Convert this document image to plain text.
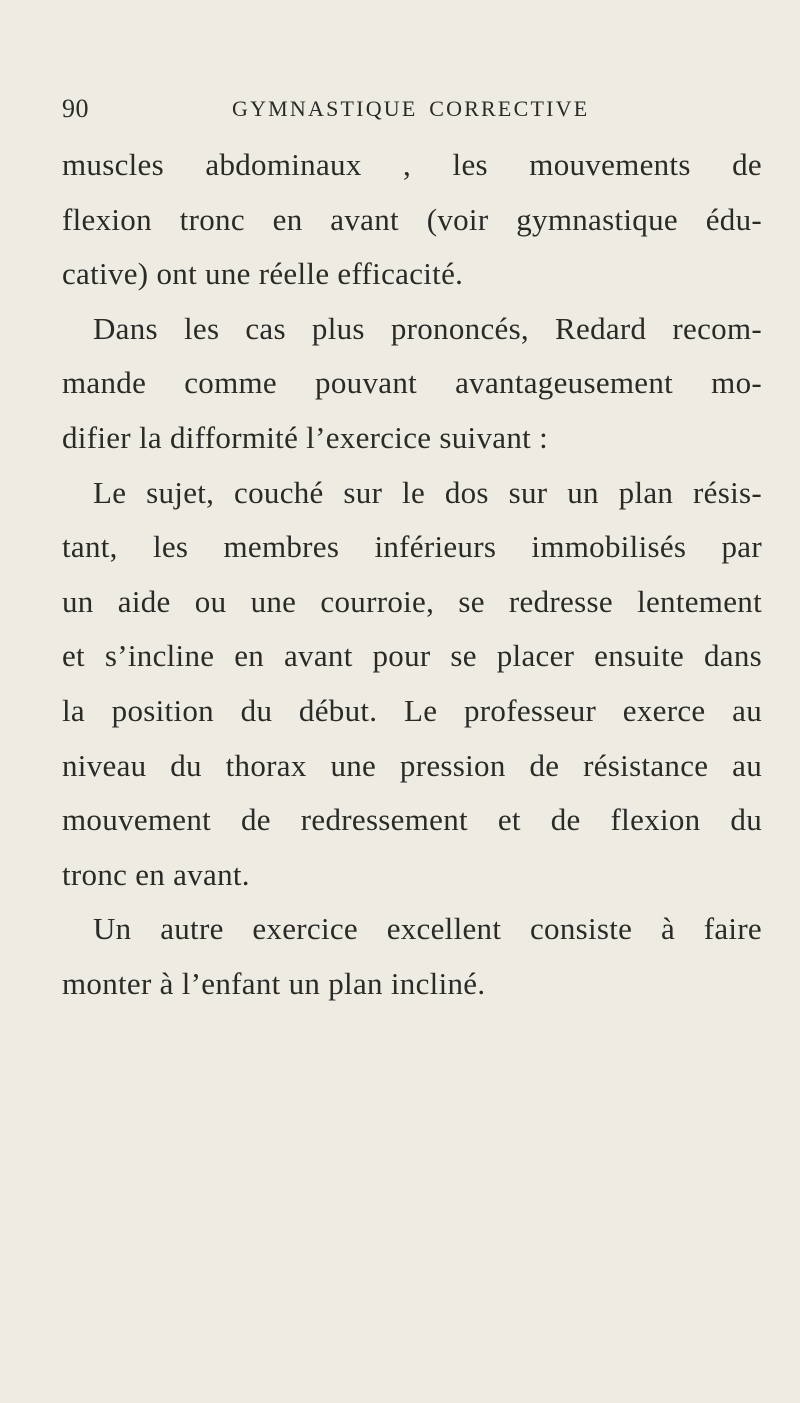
90	GYMNASTIQUE CORRECTIVE
muscles abdominaux , les mouvements de
flexion tronc en avant (voir gymnastique édu-
cative) ont une réelle efficacité.
Dans les cas plus prononcés, Redard recom-
mande comme pouvant avantageusement mo-
difier la difformité l’exercice suivant :
Le sujet, couché sur le dos sur un plan résis-
tant, les membres inférieurs immobilisés par
un aide ou une courroie, se redresse lentement
et s’incline en avant pour se placer ensuite dans
la position du début. Le professeur exerce au
niveau du thorax une pression de résistance au
mouvement de redressement et de flexion du
tronc en avant.
Un autre exercice excellent consiste à faire
monter à l’enfant un plan incliné.
